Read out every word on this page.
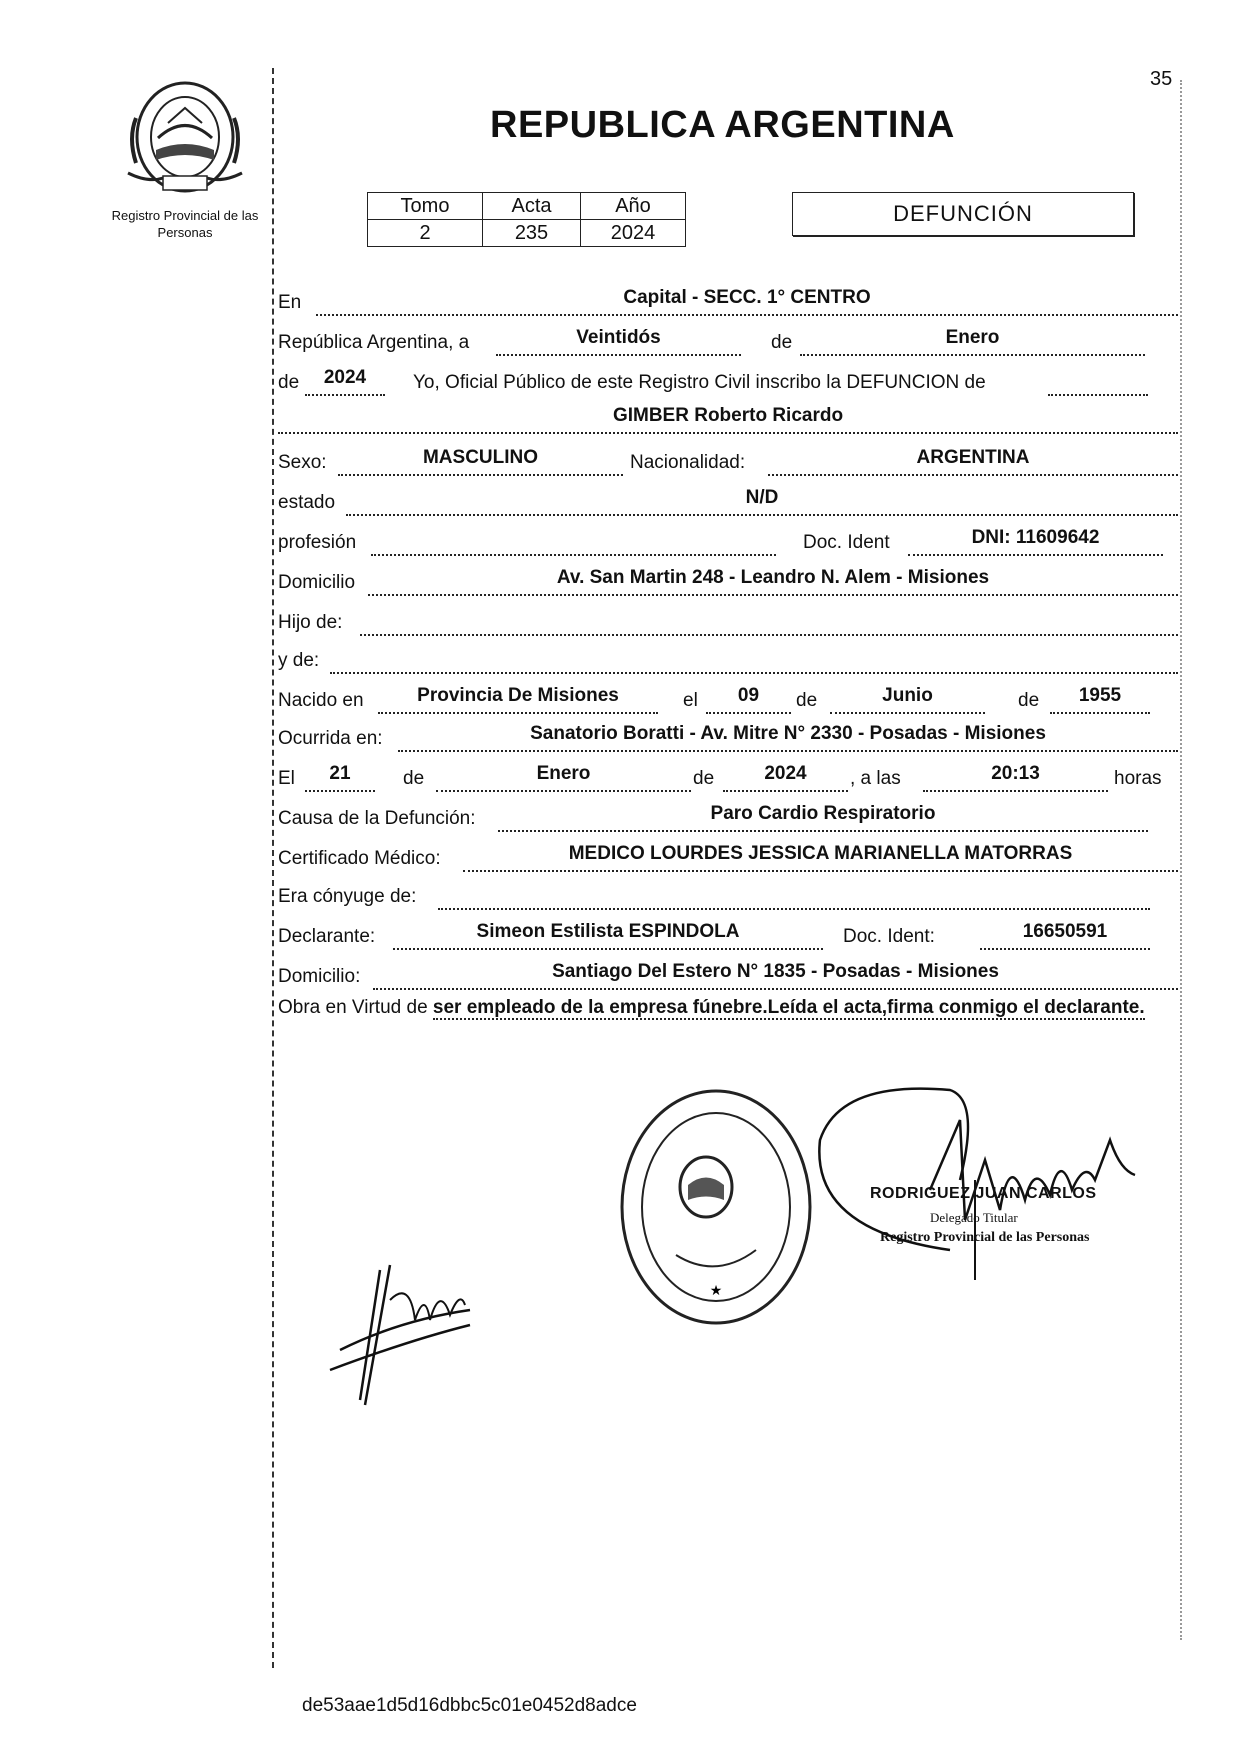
35
Registro Provincial de las Personas
REPUBLICA ARGENTINA
Tomo	Acta	Año
2	235	2024
DEFUNCIÓN
En	Capital - SECC. 1° CENTRO
República Argentina, a	Veintidós	de	Enero
de	2024	Yo, Oficial Público de este Registro Civil inscribo la DEFUNCION de
GIMBER Roberto Ricardo
Sexo:	MASCULINO	Nacionalidad:	ARGENTINA
estado	N/D
profesión	Doc. Ident	DNI: 11609642
Domicilio	Av. San Martin 248 - Leandro N. Alem - Misiones
Hijo de:
y de:
Nacido en	Provincia De Misiones	el	09	de	Junio	de	1955
Ocurrida en:	Sanatorio Boratti - Av. Mitre N° 2330 - Posadas - Misiones
El	21	de	Enero	de	2024	, a las	20:13	horas
Causa de la Defunción:	Paro Cardio Respiratorio
Certificado Médico:	MEDICO LOURDES JESSICA MARIANELLA MATORRAS
Era cónyuge de:
Declarante:	Simeon Estilista ESPINDOLA	Doc. Ident:	16650591
Domicilio:	Santiago Del Estero N° 1835 - Posadas - Misiones
Obra en Virtud de ser empleado de la empresa fúnebre.Leída el acta,firma conmigo el declarante.
★
RODRIGUEZ JUAN CARLOS
Delegado Titular
Registro Provincial de las Personas
de53aae1d5d16dbbc5c01e0452d8adce
